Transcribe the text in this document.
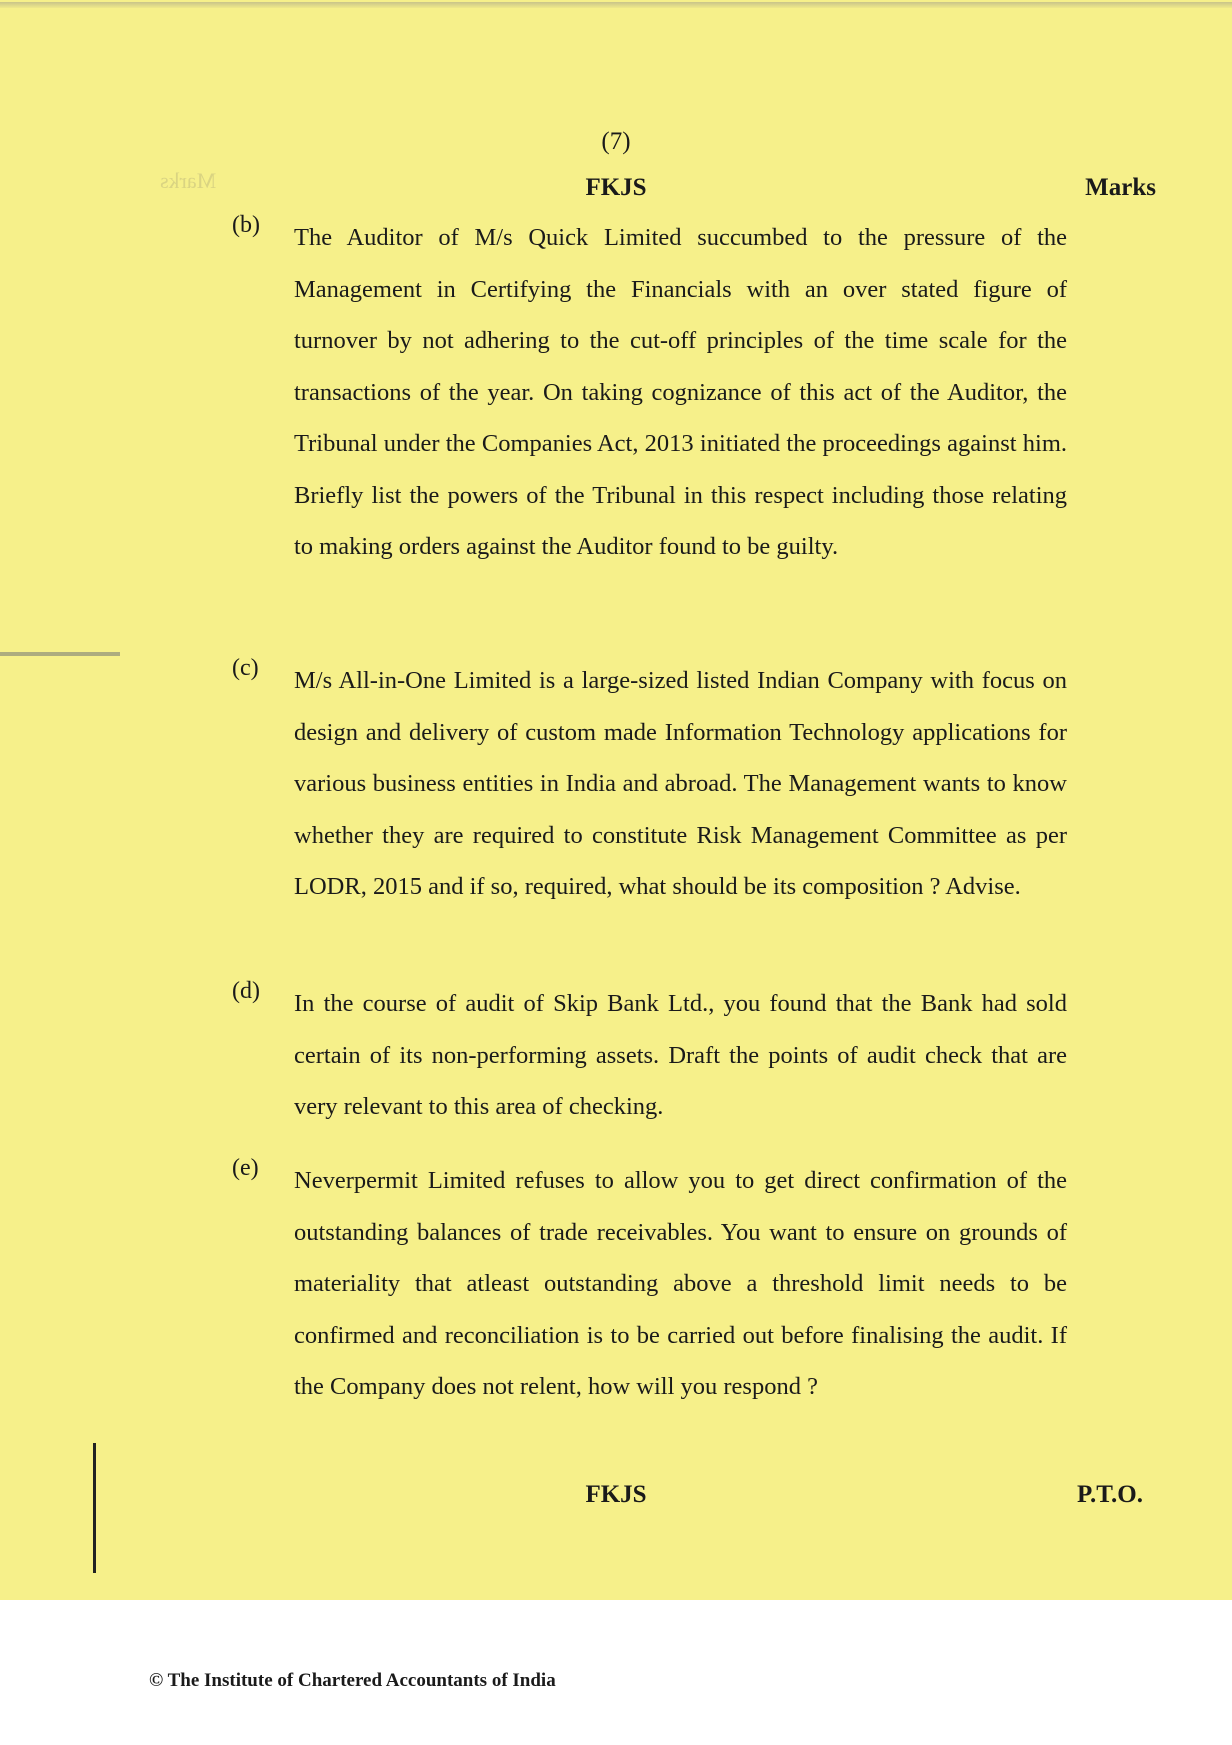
Marks
(7)
FKJS	Marks
(b) The Auditor of M/s Quick Limited succumbed to the pressure of the Management in Certifying the Financials with an over stated figure of turnover by not adhering to the cut-off principles of the time scale for the transactions of the year. On taking cognizance of this act of the Auditor, the Tribunal under the Companies Act, 2013 initiated the proceedings against him. Briefly list the powers of the Tribunal in this respect including those relating to making orders against the Auditor found to be guilty.

(c) M/s All-in-One Limited is a large-sized listed Indian Company with focus on design and delivery of custom made Information Technology applications for various business entities in India and abroad. The Management wants to know whether they are required to constitute Risk Management Committee as per LODR, 2015 and if so, required, what should be its composition ? Advise.

(d) In the course of audit of Skip Bank Ltd., you found that the Bank had sold certain of its non-performing assets. Draft the points of audit check that are very relevant to this area of checking.

(e) Neverpermit Limited refuses to allow you to get direct confirmation of the outstanding balances of trade receivables. You want to ensure on grounds of materiality that atleast outstanding above a threshold limit needs to be confirmed and reconciliation is to be carried out before finalising the audit. If the Company does not relent, how will you respond ?

FKJS	P.T.O.
© The Institute of Chartered Accountants of India
